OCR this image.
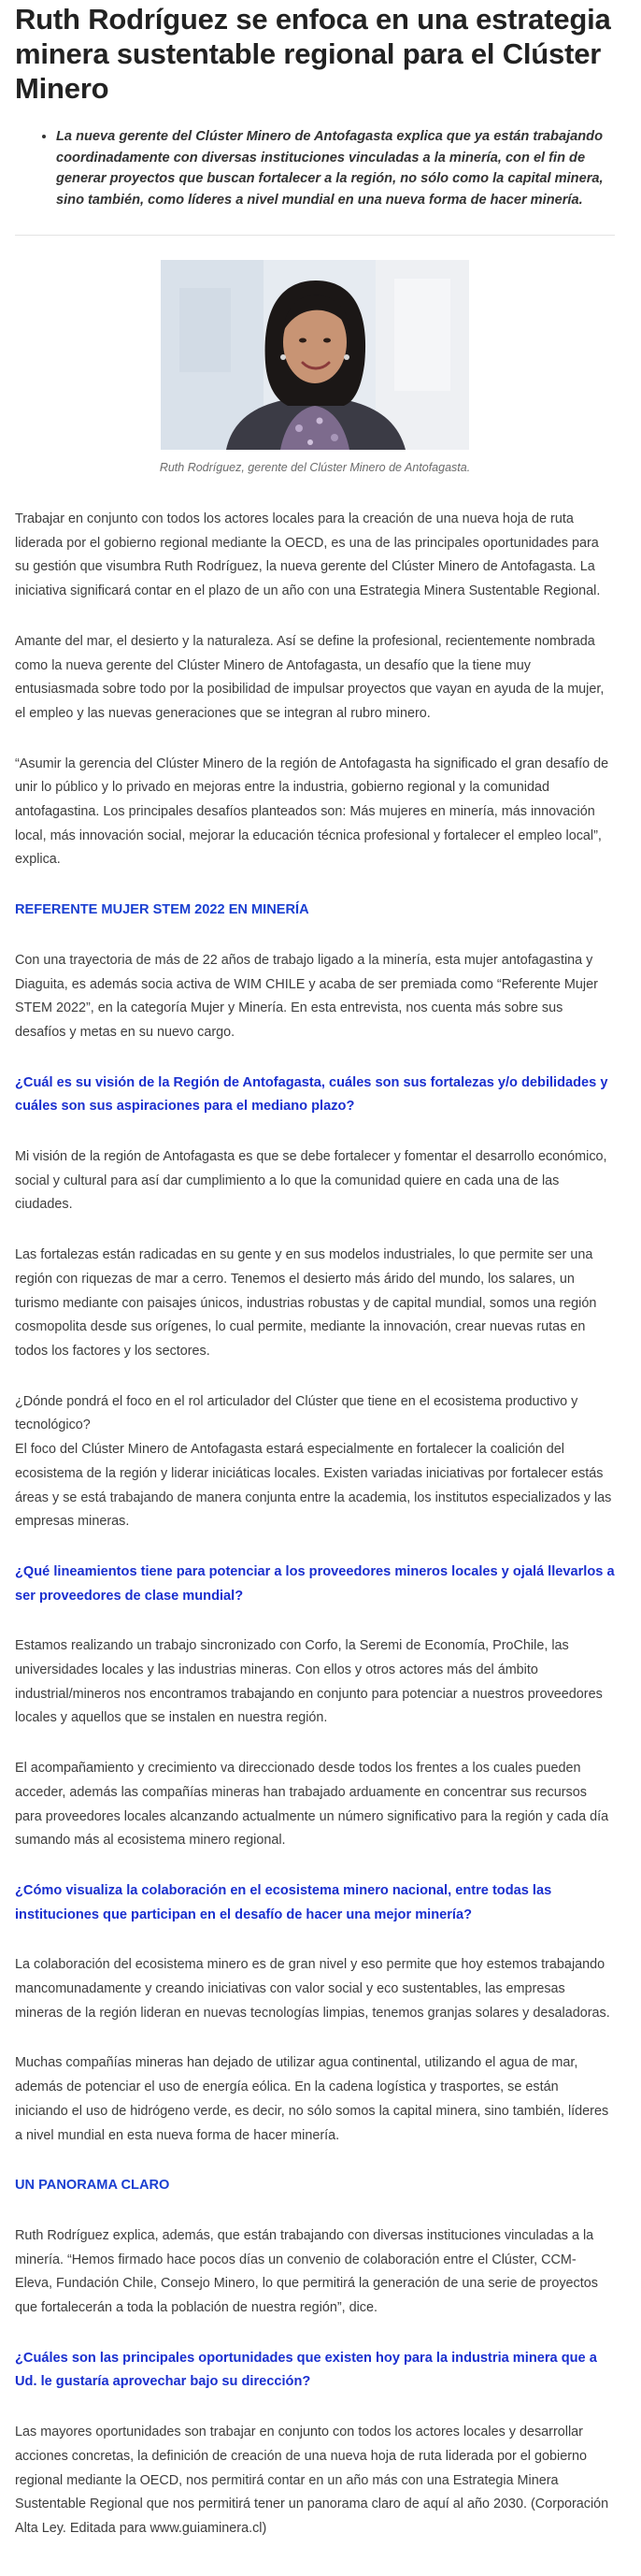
Ruth Rodríguez se enfoca en una estrategia minera sustentable regional para el Clúster Minero
• La nueva gerente del Clúster Minero de Antofagasta explica que ya están trabajando coordinadamente con diversas instituciones vinculadas a la minería, con el fin de generar proyectos que buscan fortalecer a la región, no sólo como la capital minera, sino también, como líderes a nivel mundial en una nueva forma de hacer minería.
Ruth Rodríguez, gerente del Clúster Minero de Antofagasta.

Trabajar en conjunto con todos los actores locales para la creación de una nueva hoja de ruta liderada por el gobierno regional mediante la OECD, es una de las principales oportunidades para su gestión que visumbra Ruth Rodríguez, la nueva gerente del Clúster Minero de Antofagasta. La iniciativa significará contar en el plazo de un año con una Estrategia Minera Sustentable Regional.

Amante del mar, el desierto y la naturaleza. Así se define la profesional, recientemente nombrada como la nueva gerente del Clúster Minero de Antofagasta, un desafío que la tiene muy entusiasmada sobre todo por la posibilidad de impulsar proyectos que vayan en ayuda de la mujer, el empleo y las nuevas generaciones que se integran al rubro minero.

“Asumir la gerencia del Clúster Minero de la región de Antofagasta ha significado el gran desafío de unir lo público y lo privado en mejoras entre la industria, gobierno regional y la comunidad antofagastina. Los principales desafíos planteados son: Más mujeres en minería, más innovación local, más innovación social, mejorar la educación técnica profesional y fortalecer el empleo local”, explica.

REFERENTE MUJER STEM 2022 EN MINERÍA

Con una trayectoria de más de 22 años de trabajo ligado a la minería, esta mujer antofagastina y Diaguita, es además socia activa de WIM CHILE y acaba de ser premiada como “Referente Mujer STEM 2022”, en la categoría Mujer y Minería. En esta entrevista, nos cuenta más sobre sus desafíos y metas en su nuevo cargo.

¿Cuál es su visión de la Región de Antofagasta, cuáles son sus fortalezas y/o debilidades y cuáles son sus aspiraciones para el mediano plazo?

Mi visión de la región de Antofagasta es que se debe fortalecer y fomentar el desarrollo económico, social y cultural para así dar cumplimiento a lo que la comunidad quiere en cada una de las ciudades.

Las fortalezas están radicadas en su gente y en sus modelos industriales, lo que permite ser una región con riquezas de mar a cerro. Tenemos el desierto más árido del mundo, los salares, un turismo mediante con paisajes únicos, industrias robustas y de capital mundial, somos una región cosmopolita desde sus orígenes, lo cual permite, mediante la innovación, crear nuevas rutas en todos los factores y los sectores.

¿Dónde pondrá el foco en el rol articulador del Clúster que tiene en el ecosistema productivo y tecnológico?
El foco del Clúster Minero de Antofagasta estará especialmente en fortalecer la coalición del ecosistema de la región y liderar iniciáticas locales. Existen variadas iniciativas por fortalecer estás áreas y se está trabajando de manera conjunta entre la academia, los institutos especializados y las empresas mineras.

¿Qué lineamientos tiene para potenciar a los proveedores mineros locales y ojalá llevarlos a ser proveedores de clase mundial?

Estamos realizando un trabajo sincronizado con Corfo, la Seremi de Economía, ProChile, las universidades locales y las industrias mineras. Con ellos y otros actores más del ámbito industrial/mineros nos encontramos trabajando en conjunto para potenciar a nuestros proveedores locales y aquellos que se instalen en nuestra región.

El acompañamiento y crecimiento va direccionado desde todos los frentes a los cuales pueden acceder, además las compañías mineras han trabajado arduamente en concentrar sus recursos para proveedores locales alcanzando actualmente un número significativo para la región y cada día sumando más al ecosistema minero regional.

¿Cómo visualiza la colaboración en el ecosistema minero nacional, entre todas las instituciones que participan en el desafío de hacer una mejor minería?

La colaboración del ecosistema minero es de gran nivel y eso permite que hoy estemos trabajando mancomunadamente y creando iniciativas con valor social y eco sustentables, las empresas mineras de la región lideran en nuevas tecnologías limpias, tenemos granjas solares y desaladoras.

Muchas compañías mineras han dejado de utilizar agua continental, utilizando el agua de mar, además de potenciar el uso de energía eólica. En la cadena logística y trasportes, se están iniciando el uso de hidrógeno verde, es decir, no sólo somos la capital minera, sino también, líderes a nivel mundial en esta nueva forma de hacer minería.

UN PANORAMA CLARO

Ruth Rodríguez explica, además, que están trabajando con diversas instituciones vinculadas a la minería. “Hemos firmado hace pocos días un convenio de colaboración entre el Clúster, CCM- Eleva, Fundación Chile, Consejo Minero, lo que permitirá la generación de una serie de proyectos que fortalecerán a toda la población de nuestra región”, dice.

¿Cuáles son las principales oportunidades que existen hoy para la industria minera que a Ud. le gustaría aprovechar bajo su dirección?

Las mayores oportunidades son trabajar en conjunto con todos los actores locales y desarrollar acciones concretas, la definición de creación de una nueva hoja de ruta liderada por el gobierno regional mediante la OECD, nos permitirá contar en un año más con una Estrategia Minera Sustentable Regional que nos permitirá tener un panorama claro de aquí al año 2030. (Corporación Alta Ley. Editada para www.guiaminera.cl)
